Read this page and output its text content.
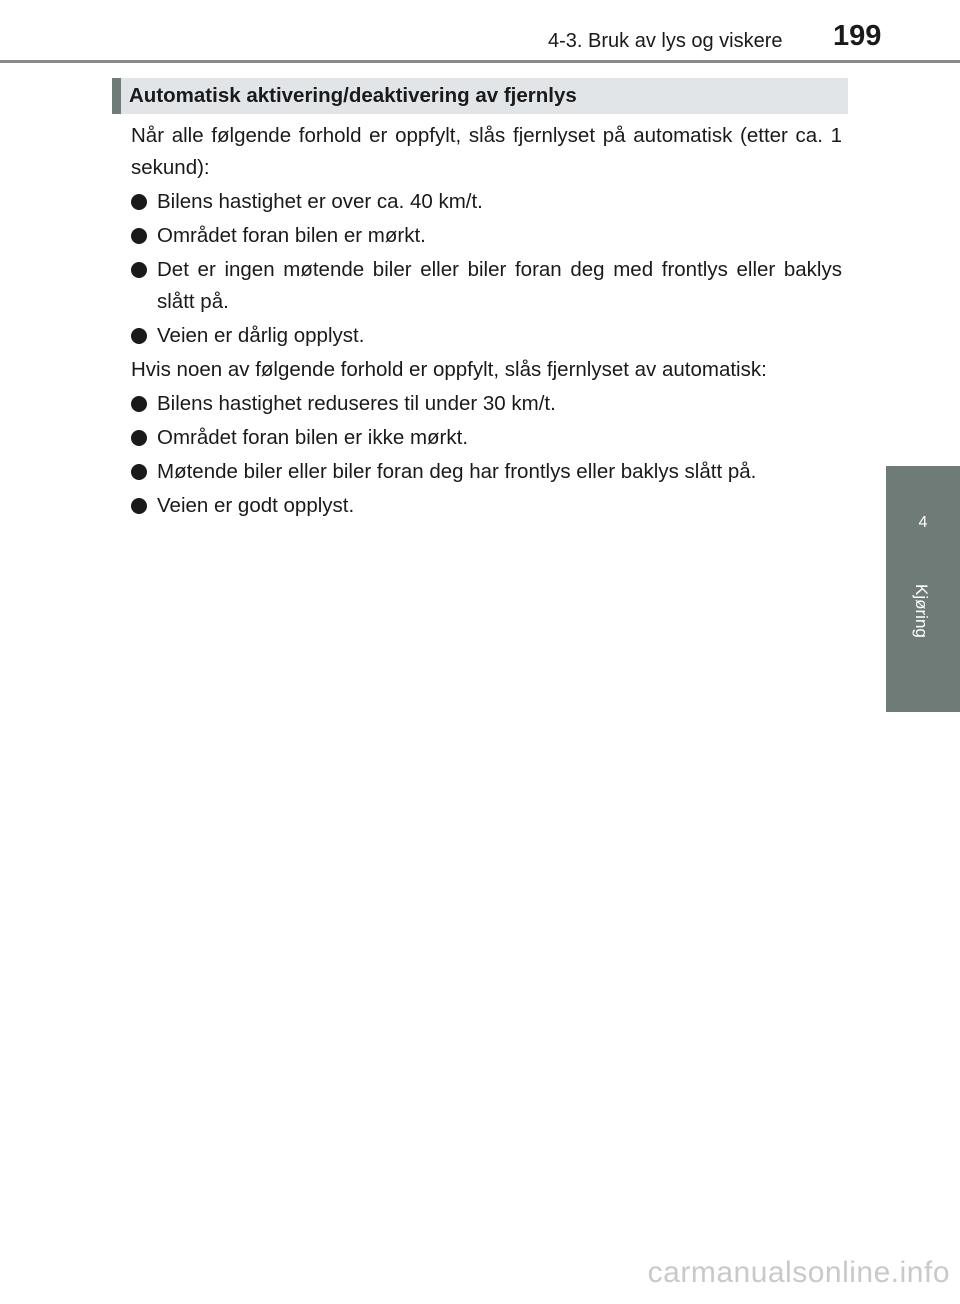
4-3. Bruk av lys og viskere 199
4
Kjøring
Automatisk aktivering/deaktivering av fjernlys

Når alle følgende forhold er oppfylt, slås fjernlyset på automatisk (etter ca. 1 sekund):

Bilens hastighet er over ca. 40 km/t.
Området foran bilen er mørkt.
Det er ingen møtende biler eller biler foran deg med frontlys eller baklys slått på.
Veien er dårlig opplyst.

Hvis noen av følgende forhold er oppfylt, slås fjernlyset av automatisk:

Bilens hastighet reduseres til under 30 km/t.
Området foran bilen er ikke mørkt.
Møtende biler eller biler foran deg har frontlys eller baklys slått på.
Veien er godt opplyst.
carmanualsonline.info
